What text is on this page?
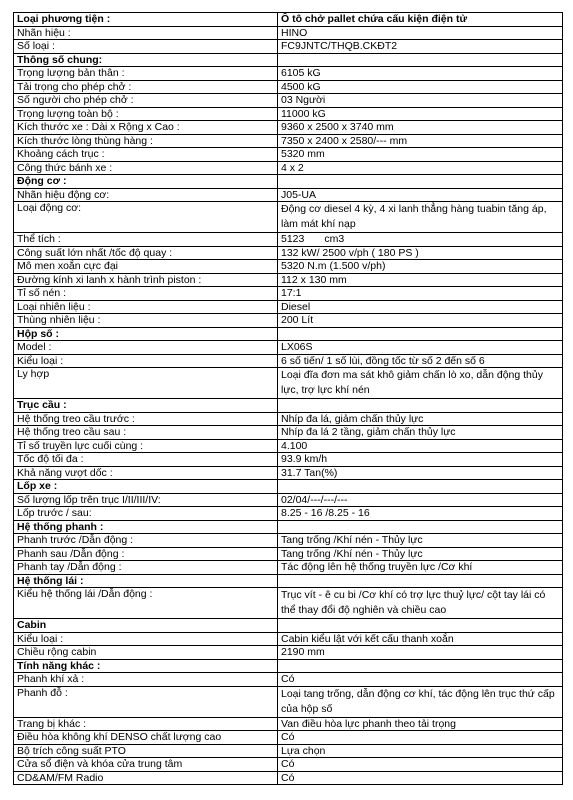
Loại phương tiện :	Ô tô chở pallet chứa cấu kiện điện tử
Nhãn hiệu :	HINO
Số loại :	FC9JNTC/THQB.CKĐT2
Thông số chung:	
Trọng lượng bản thân :	6105 kG
Tải trọng cho phép chở :	4500 kG
Số người cho phép chở :	03 Người
Trọng lượng toàn bộ :	11000 kG
Kích thước xe : Dài x Rộng x Cao :	9360 x 2500 x 3740 mm
Kích thước lòng thùng hàng :	7350 x 2400 x 2580/--- mm
Khoảng cách trục :	5320 mm
Công thức bánh xe :	4 x 2
Động cơ :	
Nhãn hiệu động cơ:	J05-UA
Loại động cơ:	Động cơ diesel 4 kỳ, 4 xi lanh thẳng hàng tuabin tăng áp, làm mát khí nạp
Thể tích :	5123 cm3
Công suất lớn nhất /tốc độ quay :	132 kW/ 2500 v/ph ( 180 PS )
Mô men xoắn cực đại	5320 N.m (1.500 v/ph)
Đường kính xi lanh x hành trình piston :	112 x 130 mm
Tỉ số nén :	17:1
Loại nhiên liệu :	Diesel
Thùng nhiên liệu :	200 Lít
Hộp số :	
Model :	LX06S
Kiểu loại :	6 số tiến/ 1 số lùi, đồng tốc từ số 2 đến số 6
Ly hợp	Loại đĩa đơn ma sát khô giảm chấn lò xo, dẫn động thủy lực, trợ lực khí nén
Trục cầu :	
Hệ thống treo cầu trước :	Nhíp đa lá, giảm chấn thủy lực
Hệ thống treo cầu sau :	Nhíp đa lá 2 tầng, giảm chấn thủy lực
Tỉ số truyền lực cuối cùng :	4.100
Tốc độ tối đa :	93.9 km/h
Khả năng vượt dốc :	31.7 Tan(%)
Lốp xe :	
Số lượng lốp trên trục I/II/III/IV:	02/04/---/---/---
Lốp trước / sau:	8.25 - 16 /8.25 - 16
Hệ thống phanh :	
Phanh trước /Dẫn động :	Tang trống /Khí nén - Thủy lực
Phanh sau /Dẫn động :	Tang trống /Khí nén - Thủy lực
Phanh tay /Dẫn động :	Tác động lên hệ thống truyền lực /Cơ khí
Hệ thống lái :	
Kiểu hệ thống lái /Dẫn động :	Trục vít - ê cu bi /Cơ khí có trợ lực thuỷ lực/ cột tay lái có thể thay đổi độ nghiên và chiều cao
Cabin	
Kiểu loại :	Cabin kiểu lật với kết cấu thanh xoắn
Chiều rộng cabin	2190 mm
Tính năng khác :	
Phanh khí xả :	Có
Phanh đỗ :	Loại tang trống, dẫn động cơ khí, tác động lên trục thứ cấp của hộp số
Trang bị khác :	Van điều hòa lực phanh theo tải trọng
Điều hòa không khí DENSO chất lượng cao	Có
Bộ trích công suất PTO	Lựa chọn
Cửa sổ điện và khóa cửa trung tâm	Có
CD&AM/FM Radio	Có
